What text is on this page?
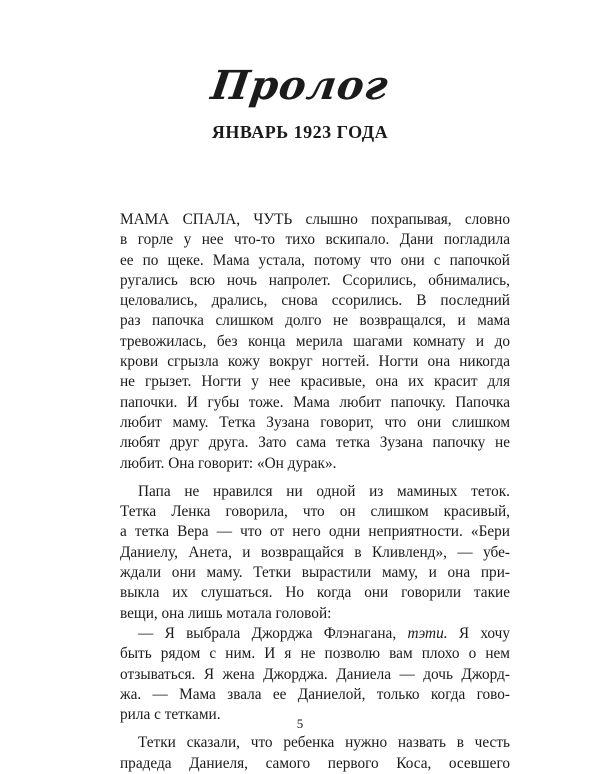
Пролог
ЯНВАРЬ 1923 ГОДА
МАМА СПАЛА, ЧУТЬ слышно похрапывая, словно
в горле у нее что-то тихо вскипало. Дани погладила
ее по щеке. Мама устала, потому что они с папочкой
ругались всю ночь напролет. Ссорились, обнимались,
целовались, дрались, снова ссорились. В последний
раз папочка слишком долго не возвращался, и мама
тревожилась, без конца мерила шагами комнату и до
крови сгрызла кожу вокруг ногтей. Ногти она никогда
не грызет. Ногти у нее красивые, она их красит для
папочки. И губы тоже. Мама любит папочку. Папочка
любит маму. Тетка Зузана говорит, что они слишком
любят друг друга. Зато сама тетка Зузана папочку не
любит. Она говорит: «Он дурак».
Папа не нравился ни одной из маминых теток.
Тетка Ленка говорила, что он слишком красивый,
а тетка Вера — что от него одни неприятности. «Бери
Даниелу, Анета, и возвращайся в Кливленд», — убе-
ждали они маму. Тетки вырастили маму, и она при-
выкла их слушаться. Но когда они говорили такие
вещи, она лишь мотала головой:
— Я выбрала Джорджа Флэнагана, тэти. Я хочу
быть рядом с ним. И я не позволю вам плохо о нем
отзываться. Я жена Джорджа. Даниела — дочь Джорд-
жа. — Мама звала ее Даниелой, только когда гово-
рила с тетками.
Тетки сказали, что ребенка нужно назвать в честь
прадеда Даниеля, самого первого Коса, осевшего
5
